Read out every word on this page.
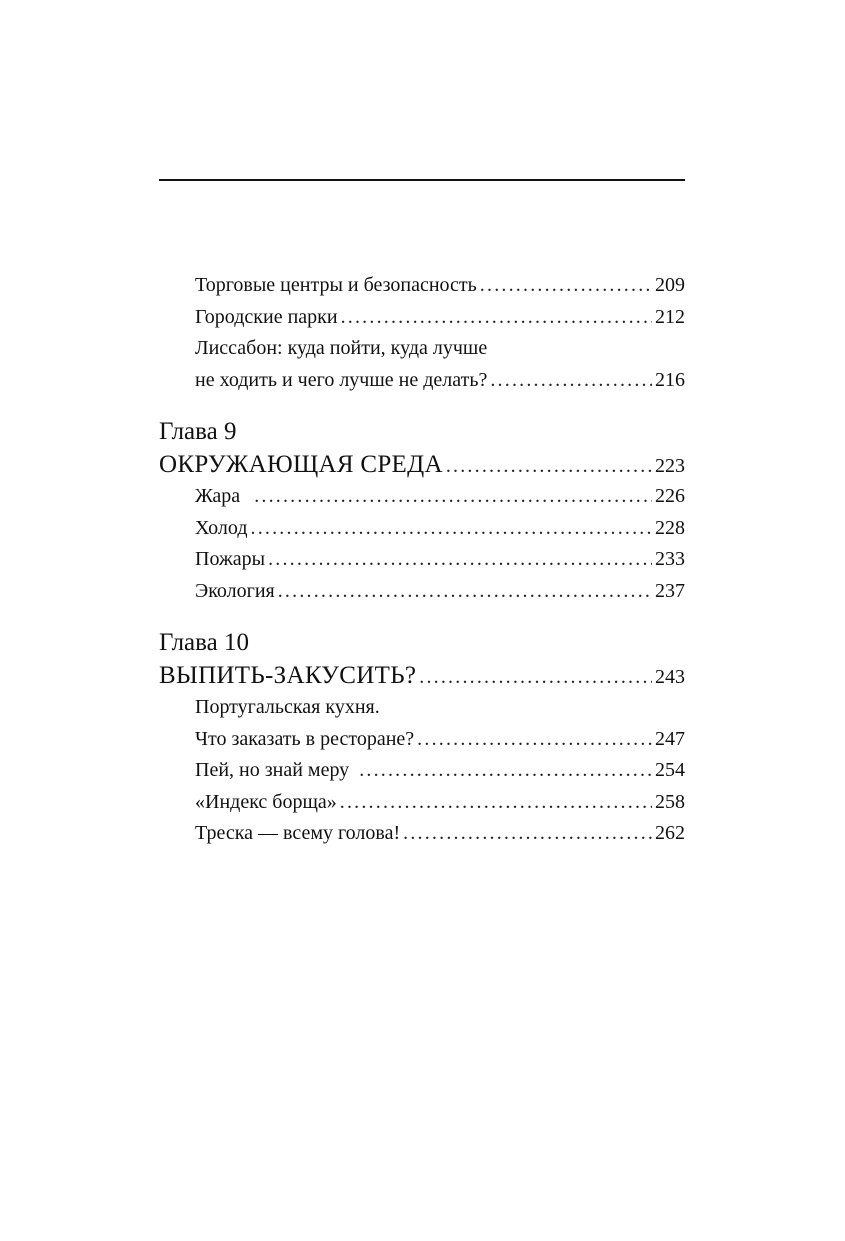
Торговые центры и безопасность .....	209
Городские парки .....	212
Лиссабон: куда пойти, куда лучше
не ходить и чего лучше не делать? .....	216
Глава 9
ОКРУЖАЮЩАЯ СРЕДА .....	223
Жара .....	226
Холод .....	228
Пожары .....	233
Экология .....	237
Глава 10
ВЫПИТЬ-ЗАКУСИТЬ? .....	243
Португальская кухня.
Что заказать в ресторане? .....	247
Пей, но знай меру .....	254
«Индекс борща» .....	258
Треска — всему голова! .....	262
